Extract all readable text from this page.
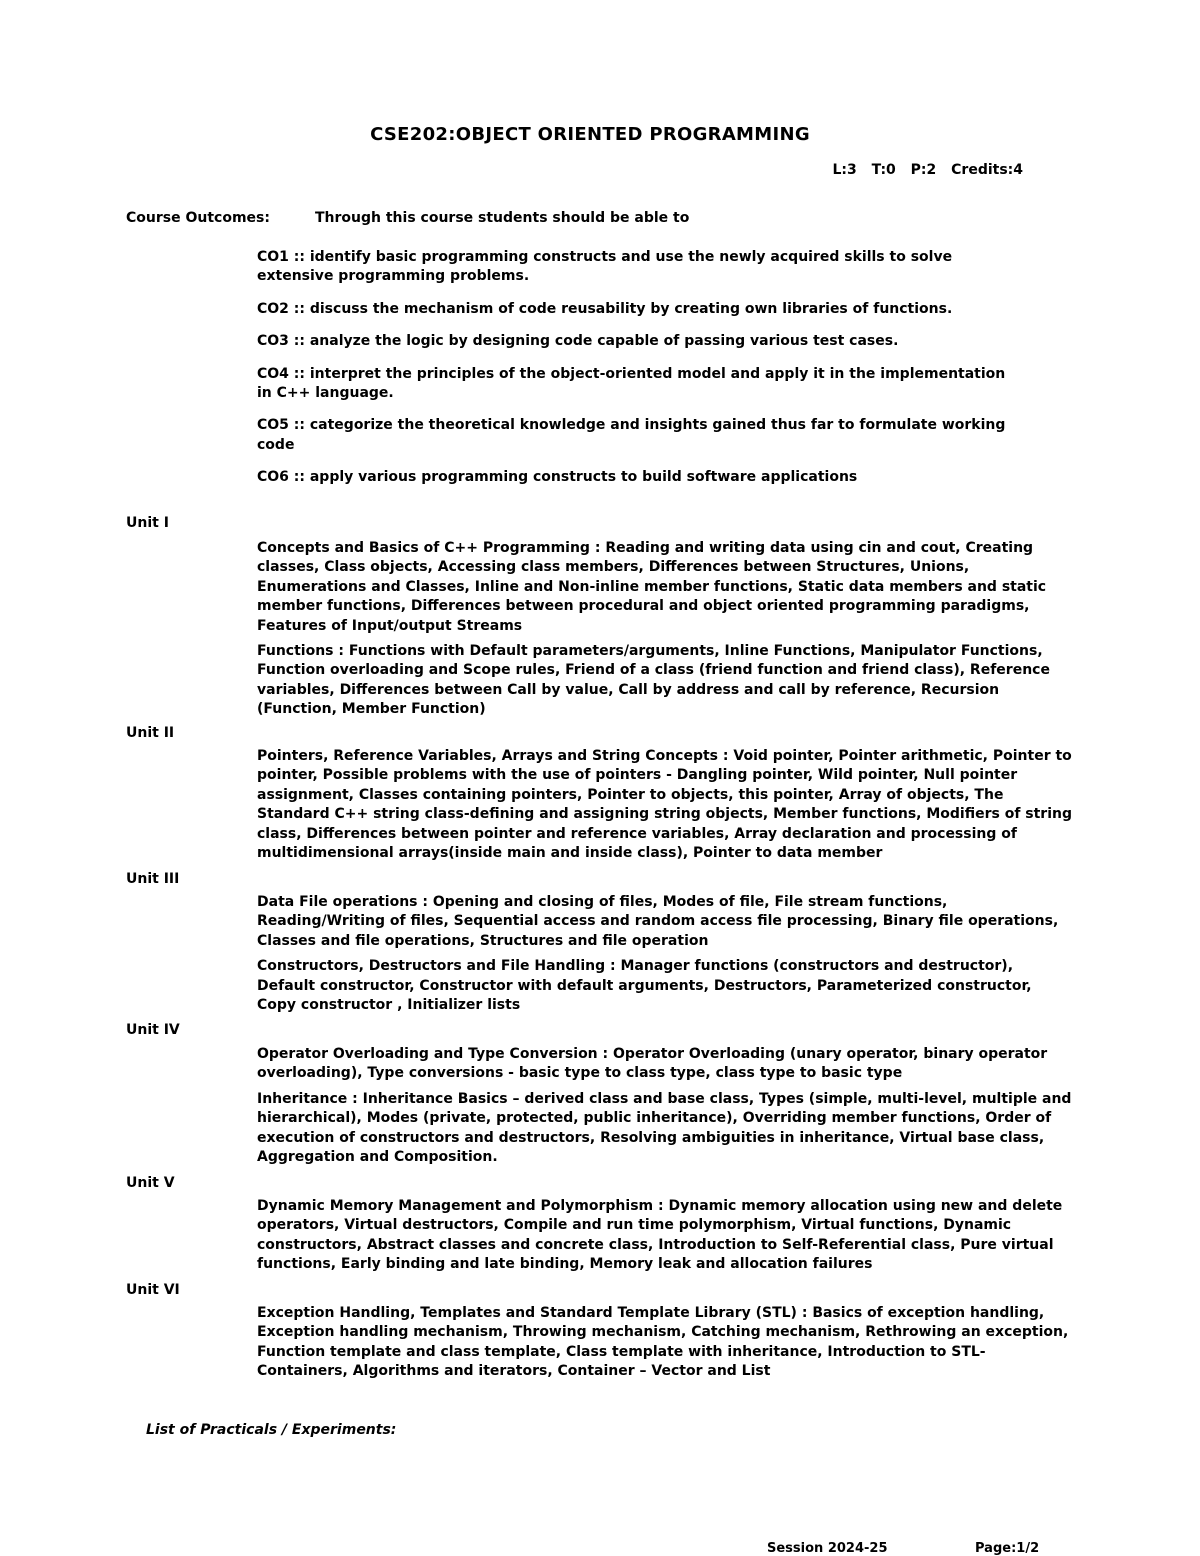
CSE202:OBJECT ORIENTED PROGRAMMING
L:3 T:0 P:2 Credits:4
Course Outcomes:	Through this course students should be able to
CO1 :: identify basic programming constructs and use the newly acquired skills to solve extensive programming problems.
CO2 :: discuss the mechanism of code reusability by creating own libraries of functions.
CO3 :: analyze the logic by designing code capable of passing various test cases.
CO4 :: interpret the principles of the object-oriented model and apply it in the implementation in C++ language.
CO5 :: categorize the theoretical knowledge and insights gained thus far to formulate working code
CO6 :: apply various programming constructs to build software applications
Unit I

Concepts and Basics of C++ Programming : Reading and writing data using cin and cout, Creating classes, Class objects, Accessing class members, Differences between Structures, Unions, Enumerations and Classes, Inline and Non-inline member functions, Static data members and static member functions, Differences between procedural and object oriented programming paradigms, Features of Input/output Streams

Functions : Functions with Default parameters/arguments, Inline Functions, Manipulator Functions, Function overloading and Scope rules, Friend of a class (friend function and friend class), Reference variables, Differences between Call by value, Call by address and call by reference, Recursion (Function, Member Function)

Unit II

Pointers, Reference Variables, Arrays and String Concepts : Void pointer, Pointer arithmetic, Pointer to pointer, Possible problems with the use of pointers - Dangling pointer, Wild pointer, Null pointer assignment, Classes containing pointers, Pointer to objects, this pointer, Array of objects, The Standard C++ string class-defining and assigning string objects, Member functions, Modifiers of string class, Differences between pointer and reference variables, Array declaration and processing of multidimensional arrays(inside main and inside class), Pointer to data member

Unit III

Data File operations : Opening and closing of files, Modes of file, File stream functions, Reading/Writing of files, Sequential access and random access file processing, Binary file operations, Classes and file operations, Structures and file operation

Constructors, Destructors and File Handling : Manager functions (constructors and destructor), Default constructor, Constructor with default arguments, Destructors, Parameterized constructor, Copy constructor , Initializer lists

Unit IV

Operator Overloading and Type Conversion : Operator Overloading (unary operator, binary operator overloading), Type conversions - basic type to class type, class type to basic type

Inheritance : Inheritance Basics – derived class and base class, Types (simple, multi-level, multiple and hierarchical), Modes (private, protected, public inheritance), Overriding member functions, Order of execution of constructors and destructors, Resolving ambiguities in inheritance, Virtual base class, Aggregation and Composition.

Unit V

Dynamic Memory Management and Polymorphism : Dynamic memory allocation using new and delete operators, Virtual destructors, Compile and run time polymorphism, Virtual functions, Dynamic constructors, Abstract classes and concrete class, Introduction to Self-Referential class, Pure virtual functions, Early binding and late binding, Memory leak and allocation failures

Unit VI

Exception Handling, Templates and Standard Template Library (STL) : Basics of exception handling, Exception handling mechanism, Throwing mechanism, Catching mechanism, Rethrowing an exception, Function template and class template, Class template with inheritance, Introduction to STL- Containers, Algorithms and iterators, Container – Vector and List

List of Practicals / Experiments:
Session 2024-25	Page:1/2
